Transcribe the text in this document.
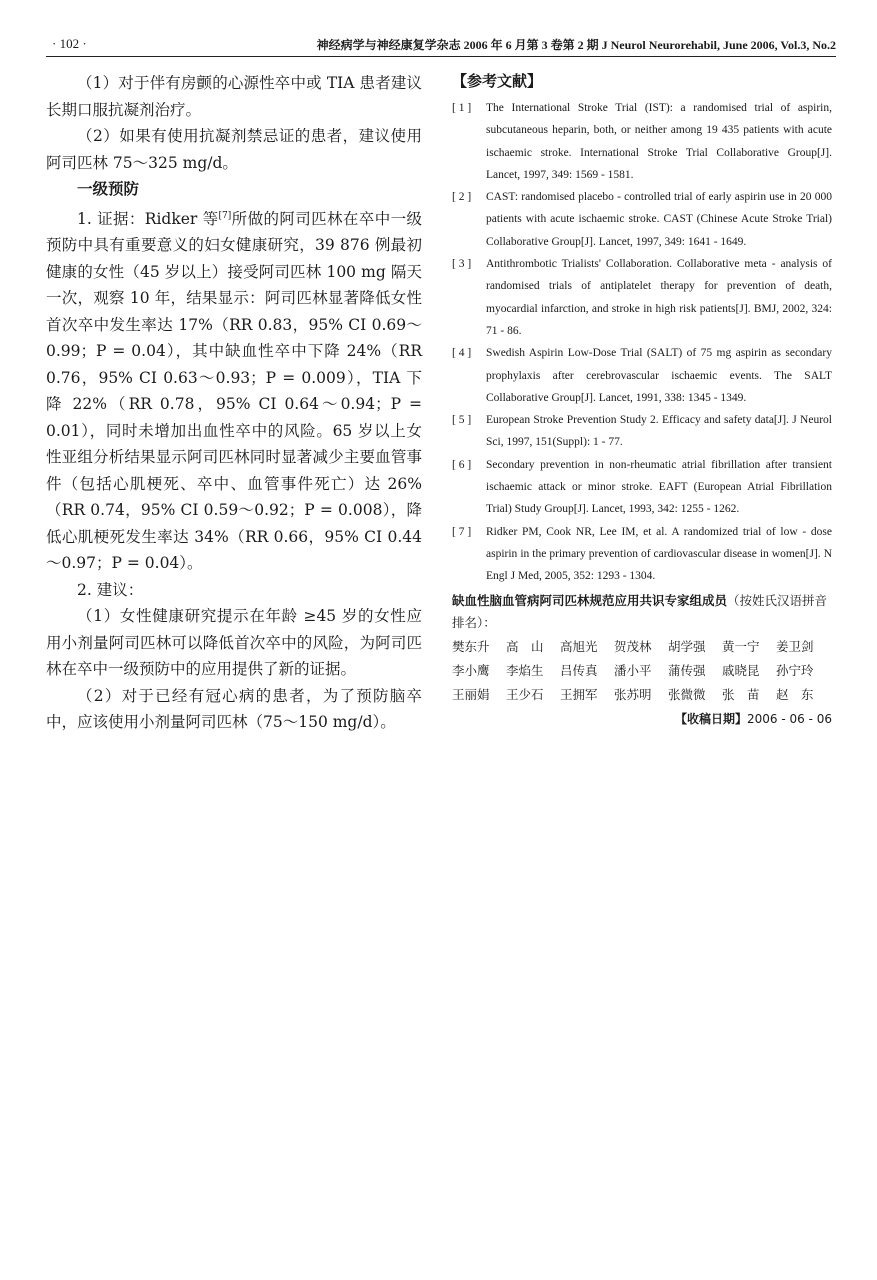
· 102 ·	神经病学与神经康复学杂志 2006 年 6 月第 3 卷第 2 期 J Neurol Neurorehabil, June 2006, Vol.3, No.2

（1）对于伴有房颤的心源性卒中或 TIA 患者建议长期口服抗凝剂治疗。

（2）如果有使用抗凝剂禁忌证的患者，建议使用阿司匹林 75～325 mg/d。

一级预防

1. 证据：Ridker 等[7]所做的阿司匹林在卒中一级预防中具有重要意义的妇女健康研究，39 876 例最初健康的女性（45 岁以上）接受阿司匹林 100 mg 隔天一次，观察 10 年，结果显示：阿司匹林显著降低女性首次卒中发生率达 17%（RR 0.83，95% CI 0.69～0.99；P = 0.04），其中缺血性卒中下降 24%（RR 0.76，95% CI 0.63～0.93；P = 0.009），TIA 下降 22%（RR 0.78，95% CI 0.64～0.94；P = 0.01），同时未增加出血性卒中的风险。65 岁以上女性亚组分析结果显示阿司匹林同时显著减少主要血管事件（包括心肌梗死、卒中、血管事件死亡）达 26%（RR 0.74，95% CI 0.59～0.92；P = 0.008），降低心肌梗死发生率达 34%（RR 0.66，95% CI 0.44～0.97；P = 0.04）。

2. 建议：

（1）女性健康研究提示在年龄 ≥45 岁的女性应用小剂量阿司匹林可以降低首次卒中的风险，为阿司匹林在卒中一级预防中的应用提供了新的证据。

（2）对于已经有冠心病的患者，为了预防脑卒中，应该使用小剂量阿司匹林（75～150 mg/d）。

【参考文献】
[ 1 ]	The International Stroke Trial (IST): a randomised trial of aspirin, subcutaneous heparin, both, or neither among 19 435 patients with acute ischaemic stroke. International Stroke Trial Collaborative Group[J]. Lancet, 1997, 349: 1569 - 1581.
[ 2 ]	CAST: randomised placebo - controlled trial of early aspirin use in 20 000 patients with acute ischaemic stroke. CAST (Chinese Acute Stroke Trial) Collaborative Group[J]. Lancet, 1997, 349: 1641 - 1649.
[ 3 ]	Antithrombotic Trialists' Collaboration. Collaborative meta - analysis of randomised trials of antiplatelet therapy for prevention of death, myocardial infarction, and stroke in high risk patients[J]. BMJ, 2002, 324: 71 - 86.
[ 4 ]	Swedish Aspirin Low-Dose Trial (SALT) of 75 mg aspirin as secondary prophylaxis after cerebrovascular ischaemic events. The SALT Collaborative Group[J]. Lancet, 1991, 338: 1345 - 1349.
[ 5 ]	European Stroke Prevention Study 2. Efficacy and safety data[J]. J Neurol Sci, 1997, 151(Suppl): 1 - 77.
[ 6 ]	Secondary prevention in non-rheumatic atrial fibrillation after transient ischaemic attack or minor stroke. EAFT (European Atrial Fibrillation Trial) Study Group[J]. Lancet, 1993, 342: 1255 - 1262.
[ 7 ]	Ridker PM, Cook NR, Lee IM, et al. A randomized trial of low - dose aspirin in the primary prevention of cardiovascular disease in women[J]. N Engl J Med, 2005, 352: 1293 - 1304.
缺血性脑血管病阿司匹林规范应用共识专家组成员（按姓氏汉语拼音排名）：
樊东升	高　山	高旭光	贺茂林	胡学强	黄一宁	姜卫剑
李小鹰	李焰生	吕传真	潘小平	蒲传强	戚晓昆	孙宁玲
王丽娟	王少石	王拥军	张苏明	张微微	张　苗	赵　东
【收稿日期】2006 - 06 - 06
